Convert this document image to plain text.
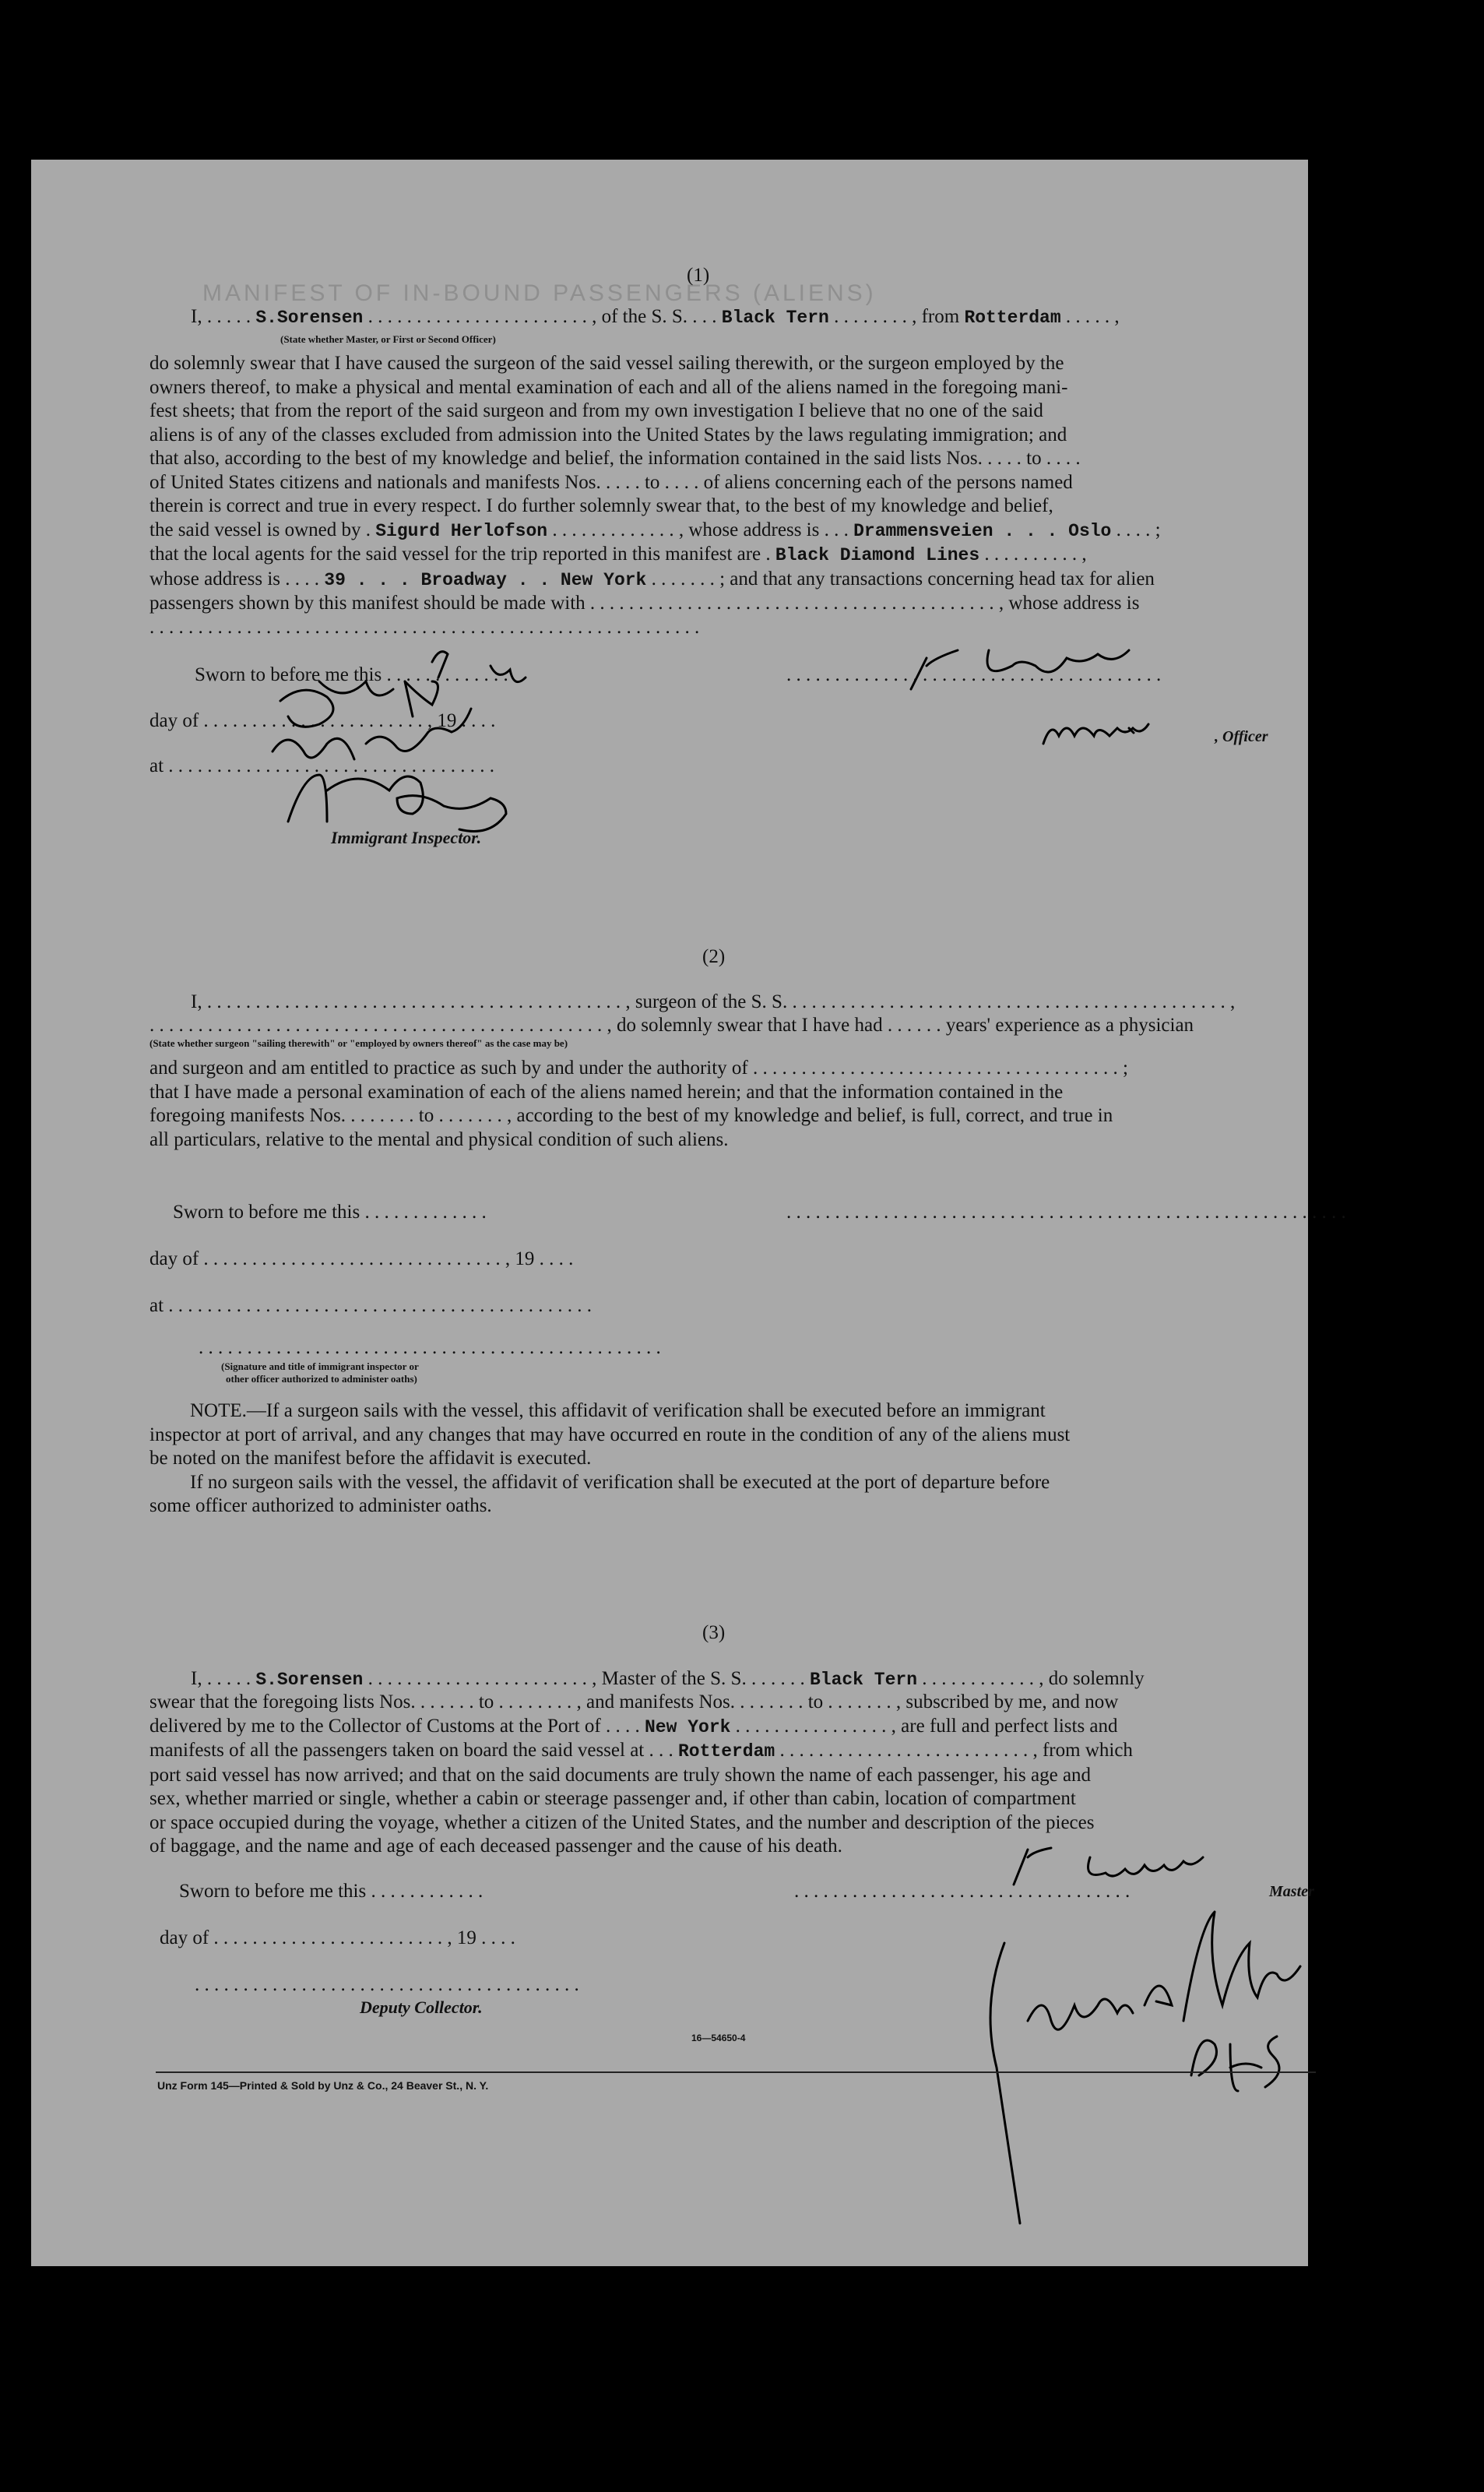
MANIFEST OF IN-BOUND PASSENGERS (ALIENS)
(1)
I, . . . . . S.Sorensen . . . . . . . . . . . . . . . . . . . . . . . , of the S. S. . . . Black Tern . . . . . . . . , from Rotterdam . . . . . ,
(State whether Master, or First or Second Officer)
do solemnly swear that I have caused the surgeon of the said vessel sailing therewith, or the surgeon employed by the
owners thereof, to make a physical and mental examination of each and all of the aliens named in the foregoing mani-
fest sheets; that from the report of the said surgeon and from my own investigation I believe that no one of the said
aliens is of any of the classes excluded from admission into the United States by the laws regulating immigration; and
that also, according to the best of my knowledge and belief, the information contained in the said lists Nos. . . . . to . . . .
of United States citizens and nationals and manifests Nos. . . . . to . . . . of aliens concerning each of the persons named
therein is correct and true in every respect. I do further solemnly swear that, to the best of my knowledge and belief,
the said vessel is owned by . Sigurd Herlofson . . . . . . . . . . . . . , whose address is . . . Drammensveien . . . Oslo . . . . ;
that the local agents for the said vessel for the trip reported in this manifest are . Black Diamond Lines . . . . . . . . . . ,
whose address is . . . . 39 . . . Broadway . . New York . . . . . . . ; and that any transactions concerning head tax for alien
passengers shown by this manifest should be made with . . . . . . . . . . . . . . . . . . . . . . . . . . . . . . . . . . . . . . . . . . , whose address is
. . . . . . . . . . . . . . . . . . . . . . . . . . . . . . . . . . . . . . . . . . . . . . . . . . . . . . . . .
Sworn to before me this . . . . . . . . . . . . .
day of . . . . . . . . . . . . . . . . . . . . . . . , 19 . . . .
at . . . . . . . . . . . . . . . . . . . . . . . . . . . . . . . . . .
. . . . . . . . . . . . . . . . . . . . . . . . . . . . . . . . . . . . . . .
, Officer
Immigrant Inspector.
(2)
I, . . . . . . . . . . . . . . . . . . . . . . . . . . . . . . . . . . . . . . . . . . . , surgeon of the S. S. . . . . . . . . . . . . . . . . . . . . . . . . . . . . . . . . . . . . . . . . . . . . . ,
. . . . . . . . . . . . . . . . . . . . . . . . . . . . . . . . . . . . . . . . . . . . . . . , do solemnly swear that I have had . . . . . . years' experience as a physician
(State whether surgeon "sailing therewith" or "employed by owners thereof" as the case may be)
and surgeon and am entitled to practice as such by and under the authority of . . . . . . . . . . . . . . . . . . . . . . . . . . . . . . . . . . . . . . ;
that I have made a personal examination of each of the aliens named herein; and that the information contained in the
foregoing manifests Nos. . . . . . . . to . . . . . . . , according to the best of my knowledge and belief, is full, correct, and true in
all particulars, relative to the mental and physical condition of such aliens.
Sworn to before me this . . . . . . . . . . . . .	. . . . . . . . . . . . . . . . . . . . . . . . . . . . . . . . . . . . . . . . . . . . . . . . . . . . . . . . . .
day of . . . . . . . . . . . . . . . . . . . . . . . . . . . . . . . , 19 . . . .
at . . . . . . . . . . . . . . . . . . . . . . . . . . . . . . . . . . . . . . . . . . . .
. . . . . . . . . . . . . . . . . . . . . . . . . . . . . . . . . . . . . . . . . . . . . . . .
(Signature and title of immigrant inspector or
other officer authorized to administer oaths)
NOTE.—If a surgeon sails with the vessel, this affidavit of verification shall be executed before an immigrant
inspector at port of arrival, and any changes that may have occurred en route in the condition of any of the aliens must
be noted on the manifest before the affidavit is executed.
If no surgeon sails with the vessel, the affidavit of verification shall be executed at the port of departure before
some officer authorized to administer oaths.
(3)
I, . . . . . S.Sorensen . . . . . . . . . . . . . . . . . . . . . . . , Master of the S. S. . . . . . . Black Tern . . . . . . . . . . . . , do solemnly
swear that the foregoing lists Nos. . . . . . . to . . . . . . . . , and manifests Nos. . . . . . . . to . . . . . . . , subscribed by me, and now
delivered by me to the Collector of Customs at the Port of . . . . New York . . . . . . . . . . . . . . . . , are full and perfect lists and
manifests of all the passengers taken on board the said vessel at . . . Rotterdam . . . . . . . . . . . . . . . . . . . . . . . . . . , from which
port said vessel has now arrived; and that on the said documents are truly shown the name of each passenger, his age and
sex, whether married or single, whether a cabin or steerage passenger and, if other than cabin, location of compartment
or space occupied during the voyage, whether a citizen of the United States, and the number and description of the pieces
of baggage, and the name and age of each deceased passenger and the cause of his death.
Sworn to before me this . . . . . . . . . . . .	. . . . . . . . . . . . . . . . . . . . . . . . . . . . . . . . . . .	Master
day of . . . . . . . . . . . . . . . . . . . . . . . . , 19 . . . .
. . . . . . . . . . . . . . . . . . . . . . . . . . . . . . . . . . . . . . . .
Deputy Collector.
16—54650-4
Unz Form 145—Printed & Sold by Unz & Co., 24 Beaver St., N. Y.
